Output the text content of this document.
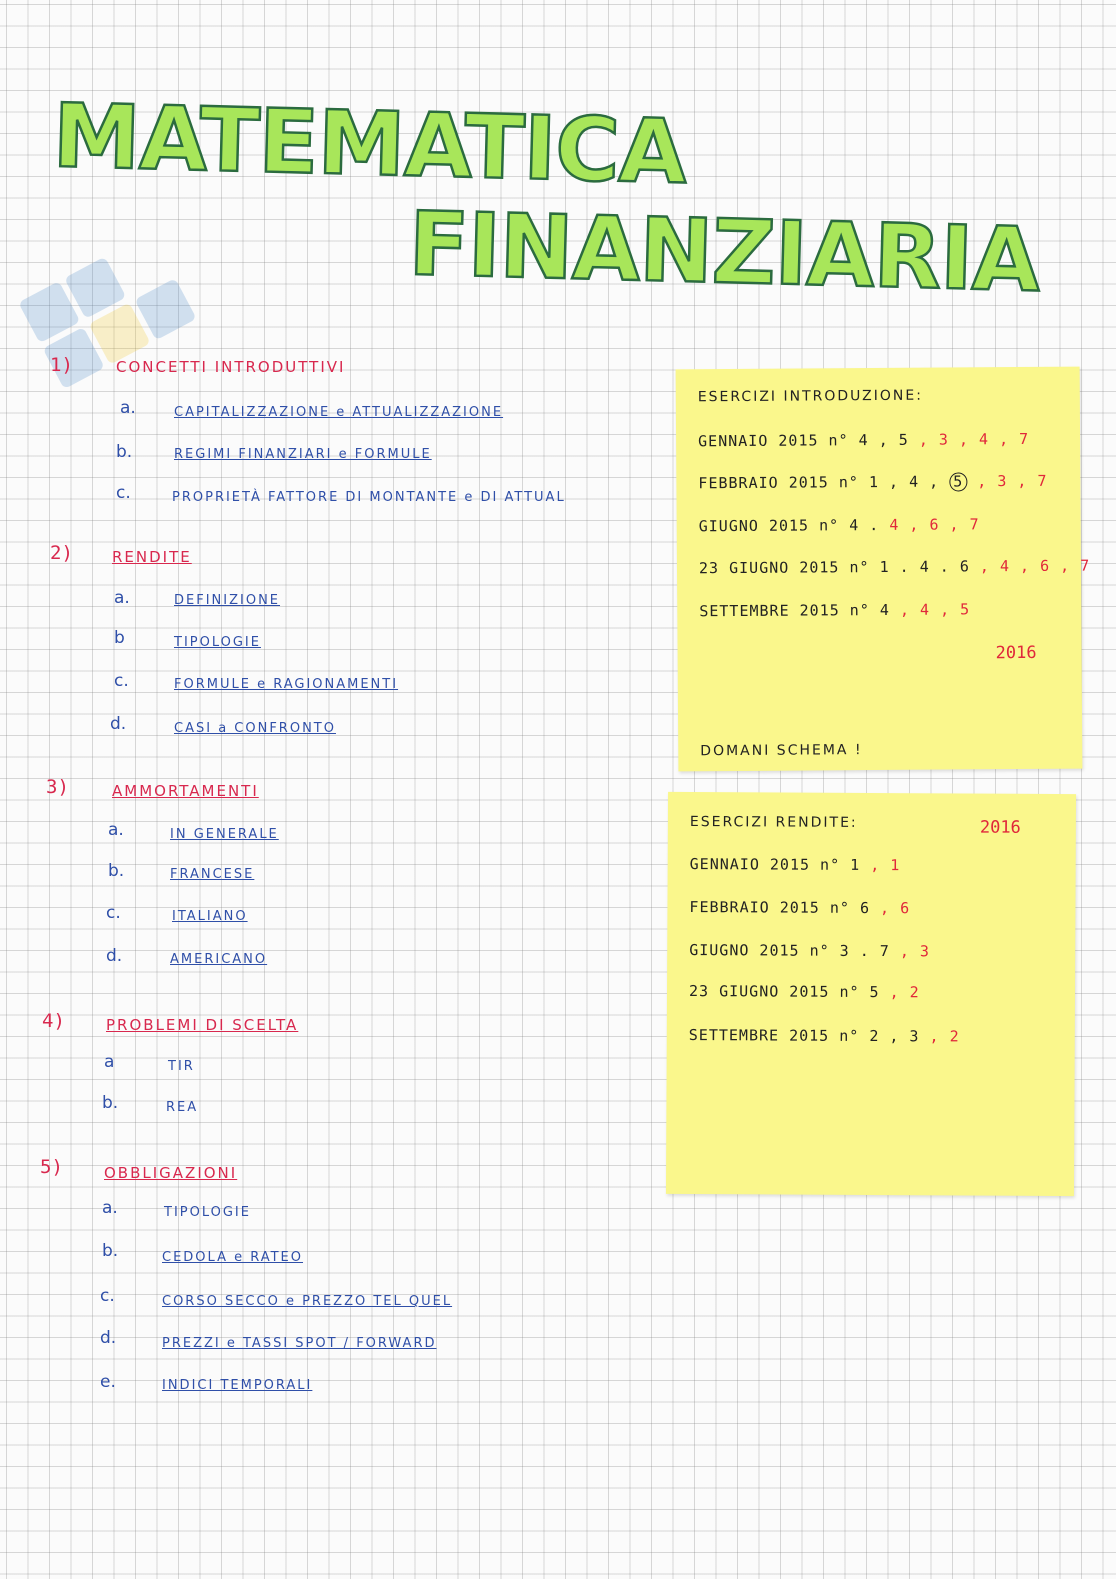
MATEMATICA
FINANZIARIA
1)	CONCETTI INTRODUTTIVI
a.	CAPITALIZZAZIONE e ATTUALIZZAZIONE
b.	REGIMI FINANZIARI e FORMULE
c.	PROPRIETÀ FATTORE DI MONTANTE e DI ATTUAL
2)	RENDITE
a.	DEFINIZIONE
b	TIPOLOGIE
c.	FORMULE e RAGIONAMENTI
d.	CASI a CONFRONTO
3)	AMMORTAMENTI
a.	IN GENERALE
b.	FRANCESE
c.	ITALIANO
d.	AMERICANO
4)	PROBLEMI DI SCELTA
a	TIR
b.	REA
5)	OBBLIGAZIONI
a.	TIPOLOGIE
b.	CEDOLA e RATEO
c.	CORSO SECCO e PREZZO TEL QUEL
d.	PREZZI e TASSI SPOT / FORWARD
e.	INDICI TEMPORALI
ESERCIZI INTRODUZIONE:
GENNAIO 2015 n° 4 , 5 , 3 , 4 , 7
FEBBRAIO 2015 n° 1 , 4 , 5 , 3 , 7
GIUGNO 2015 n° 4 . 4 , 6 , 7
23 GIUGNO 2015 n° 1 . 4 . 6 , 4 , 6 , 7
SETTEMBRE 2015 n° 4 , 4 , 5
2016
DOMANI SCHEMA !
ESERCIZI RENDITE:	2016
GENNAIO 2015 n° 1 , 1
FEBBRAIO 2015 n° 6 , 6
GIUGNO 2015 n° 3 . 7 , 3
23 GIUGNO 2015 n° 5 , 2
SETTEMBRE 2015 n° 2 , 3 , 2
